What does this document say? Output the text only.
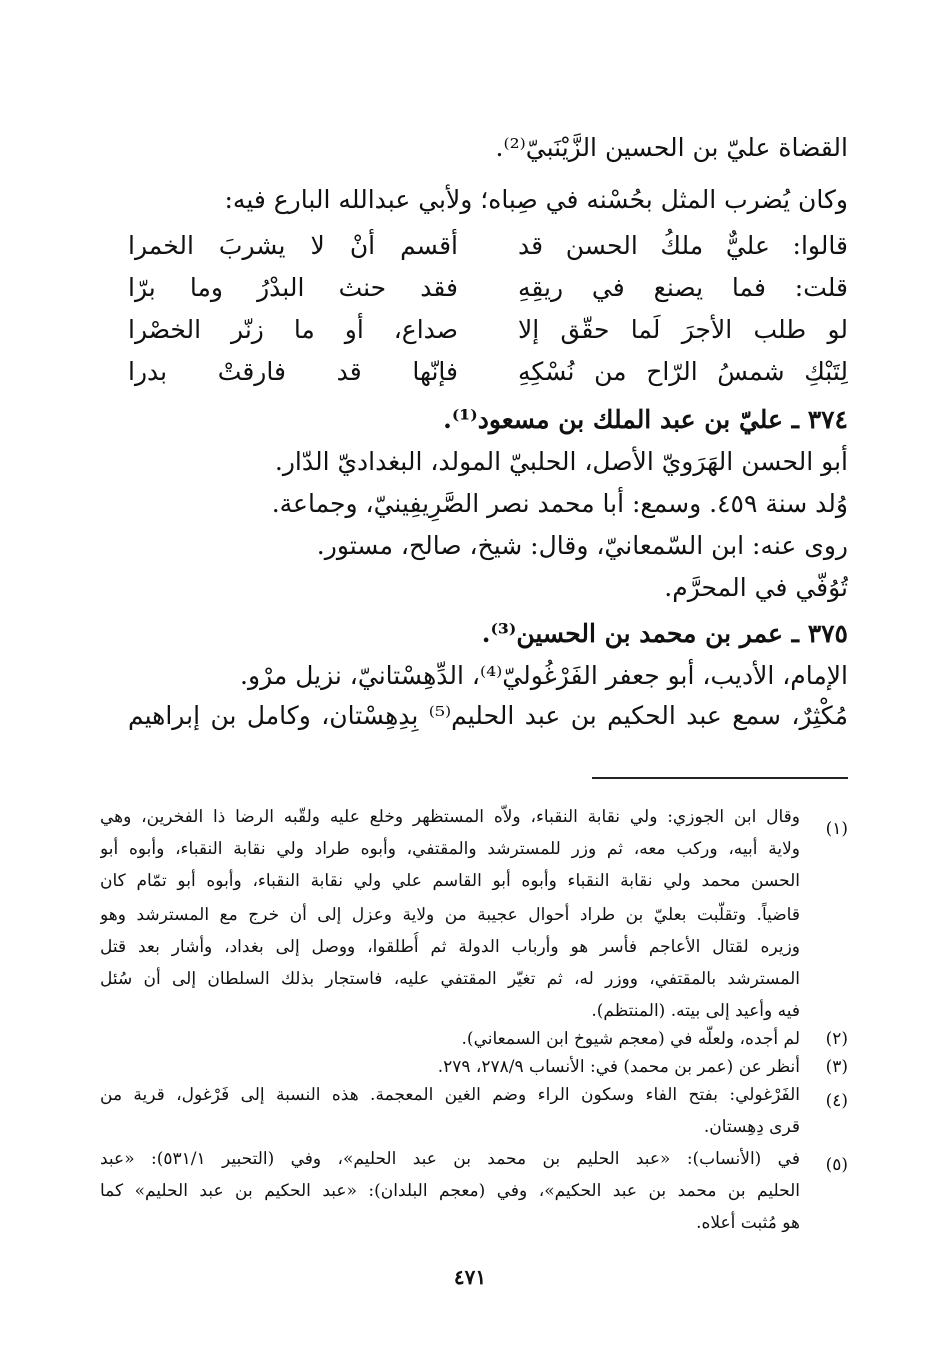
القضاة عليّ بن الحسين الزَّيْنَبيّ⁽²⁾.
وكان يُضرب المثل بحُسْنه في صِباه؛ ولأبي عبدالله البارع فيه:
قالوا: عليٌّ ملكُ الحسن قد
أقسم أنْ لا يشربَ الخمرا
قلت: فما يصنع في ريقِهِ
فقد حنث البدْرُ وما برّا
لو طلب الأجرَ لَما حقّق إلا
صداع، أو ما زنّر الخصْرا
لِتَبْكِ شمسُ الرّاح من نُسْكِهِ
فإنّها قد فارقتْ بدرا
٣٧٤ ـ عليّ بن عبد الملك بن مسعود⁽¹⁾.
أبو الحسن الهَرَويّ الأصل، الحلبيّ المولد، البغداديّ الدّار.
وُلد سنة ٤٥٩. وسمع: أبا محمد نصر الصَّرِيفِينيّ، وجماعة.
روى عنه: ابن السّمعانيّ، وقال: شيخ، صالح، مستور.
تُوُفّي في المحرَّم.
٣٧٥ ـ عمر بن محمد بن الحسين⁽³⁾.
الإمام، الأديب، أبو جعفر الفَرْغُوليّ⁽⁴⁾، الدِّهِسْتانيّ، نزيل مرْو.
مُكْثِرٌ، سمع عبد الحكيم بن عبد الحليم⁽⁵⁾ بِدِهِسْتان، وكامل بن إبراهيم
(١)
وقال ابن الجوزي: ولي نقابة النقباء، ولاّه المستظهر وخلع عليه ولقّبه الرضا ذا الفخرين، وهي
ولاية أبيه، وركب معه، ثم وزر للمسترشد والمقتفي، وأبوه طراد ولي نقابة النقباء، وأبوه أبو
الحسن محمد ولي نقابة النقباء وأبوه أبو القاسم علي ولي نقابة النقباء، وأبوه أبو تمّام كان
قاضياً. وتقلّبت بعليّ بن طراد أحوال عجيبة من ولاية وعزل إلى أن خرج مع المسترشد وهو
وزيره لقتال الأعاجم فأسر هو وأرباب الدولة ثم أُطلقوا، ووصل إلى بغداد، وأشار بعد قتل
المسترشد بالمقتفي، ووزر له، ثم تغيّر المقتفي عليه، فاستجار بذلك السلطان إلى أن سُئل
فيه وأعيد إلى بيته. (المنتظم).
(٢)
لم أجده، ولعلّه في (معجم شيوخ ابن السمعاني).
(٣)
أنظر عن (عمر بن محمد) في: الأنساب ٢٧٨/٩، ٢٧٩.
(٤)
الفَرْغولي: بفتح الفاء وسكون الراء وضم الغين المعجمة. هذه النسبة إلى فَرْغول، قرية من
قرى دِهِستان.
(٥)
في (الأنساب): «عبد الحليم بن محمد بن عبد الحليم»، وفي (التحبير ٥٣١/١): «عبد
الحليم بن محمد بن عبد الحكيم»، وفي (معجم البلدان): «عبد الحكيم بن عبد الحليم» كما
هو مُثبت أعلاه.
٤٧١
